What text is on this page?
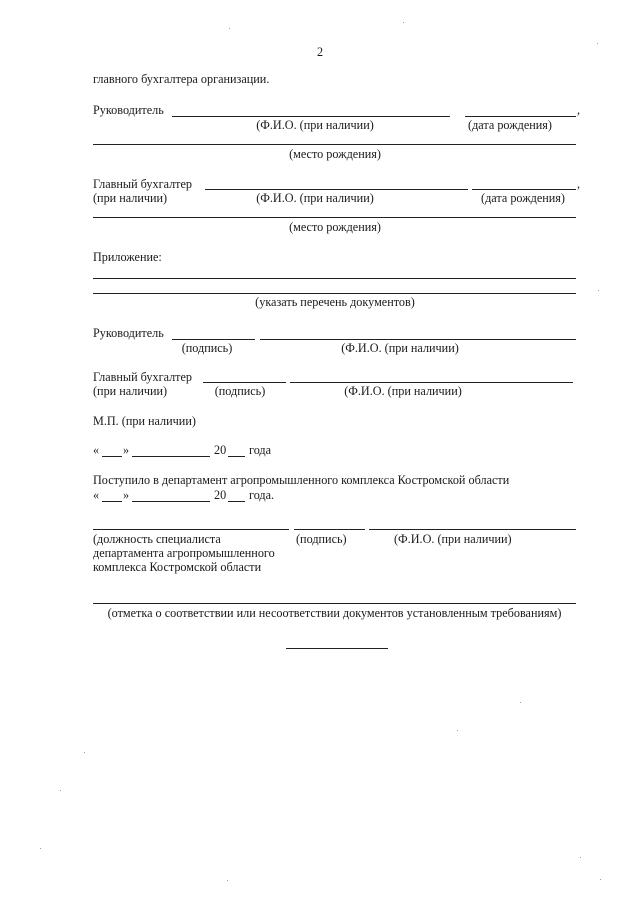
2
главного бухгалтера организации.
Руководитель	,
(Ф.И.О. (при наличии)	(дата рождения)
(место рождения)
Главный бухгалтер
(при наличии)
,
(Ф.И.О. (при наличии)	(дата рождения)
(место рождения)
Приложение:
(указать перечень документов)
Руководитель
(подпись)	(Ф.И.О. (при наличии)
Главный бухгалтер
(при наличии)	(подпись)	(Ф.И.О. (при наличии)
М.П. (при наличии)
« »	20 года
Поступило в департамент агропромышленного комплекса Костромской области
« »	20 года.
(должность специалиста
департамента агропромышленного
комплекса Костромской области
(подпись)	(Ф.И.О. (при наличии)
(отметка о соответствии или несоответствии документов установленным требованиям)
